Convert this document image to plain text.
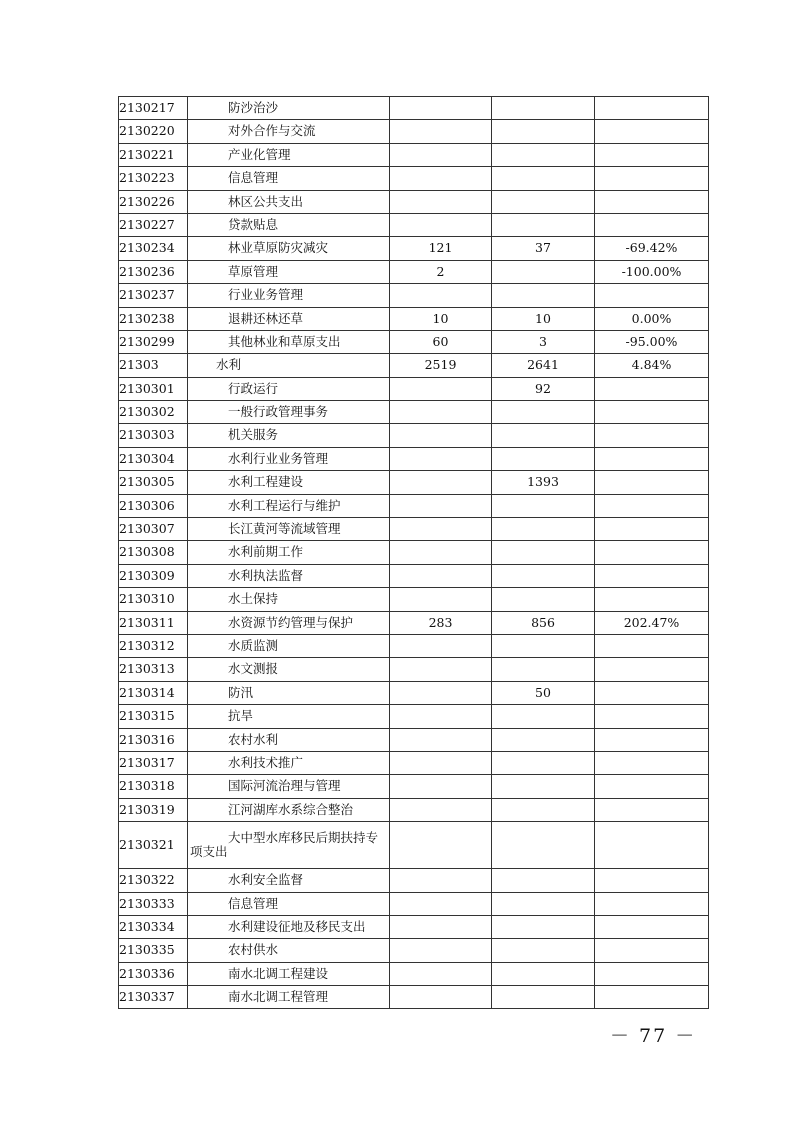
2130217	防沙治沙			
2130220	对外合作与交流			
2130221	产业化管理			
2130223	信息管理			
2130226	林区公共支出			
2130227	贷款贴息			
2130234	林业草原防灾减灾	121	37	-69.42%
2130236	草原管理	2		-100.00%
2130237	行业业务管理			
2130238	退耕还林还草	10	10	0.00%
2130299	其他林业和草原支出	60	3	-95.00%
21303	水利	2519	2641	4.84%
2130301	行政运行		92	
2130302	一般行政管理事务			
2130303	机关服务			
2130304	水利行业业务管理			
2130305	水利工程建设		1393	
2130306	水利工程运行与维护			
2130307	长江黄河等流域管理			
2130308	水利前期工作			
2130309	水利执法监督			
2130310	水土保持			
2130311	水资源节约管理与保护	283	856	202.47%
2130312	水质监测			
2130313	水文测报			
2130314	防汛		50	
2130315	抗旱			
2130316	农村水利			
2130317	水利技术推广			
2130318	国际河流治理与管理			
2130319	江河湖库水系综合整治			
2130321	大中型水库移民后期扶持专
项支出			
2130322	水利安全监督			
2130333	信息管理			
2130334	水利建设征地及移民支出			
2130335	农村供水			
2130336	南水北调工程建设			
2130337	南水北调工程管理			
－ 77 －
